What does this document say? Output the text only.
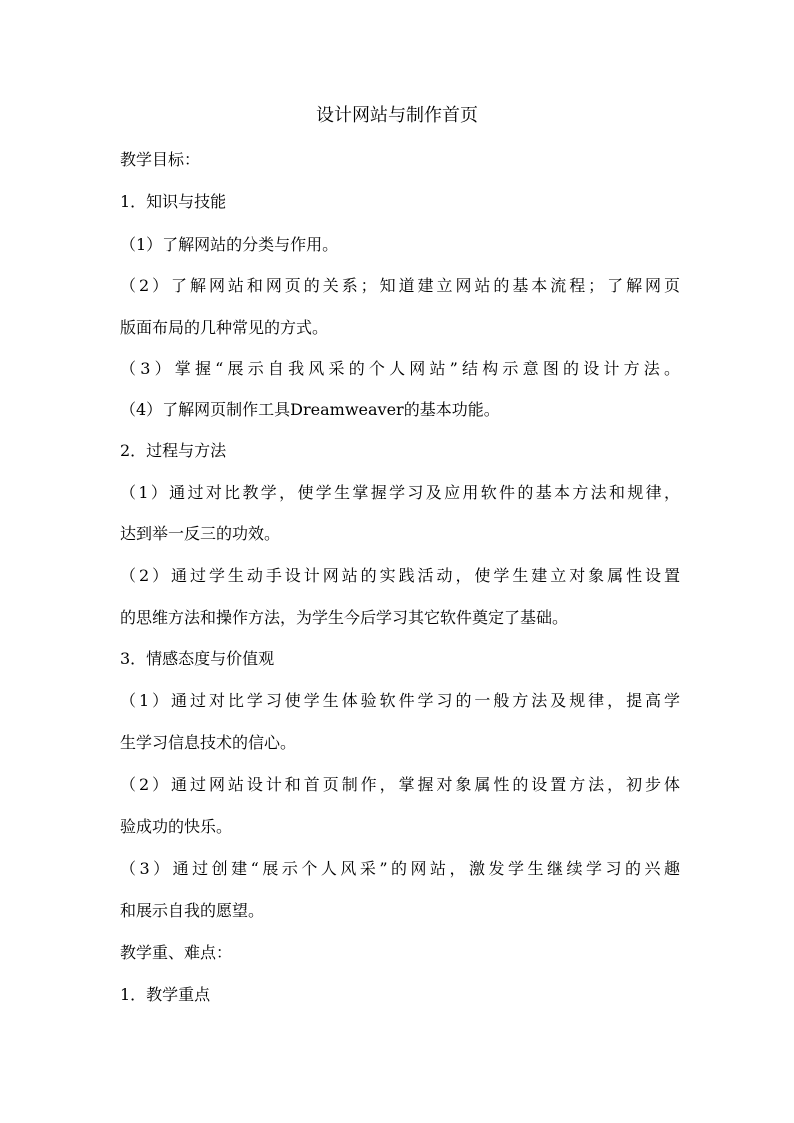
设计网站与制作首页
教学目标：
1．知识与技能
（1）了解网站的分类与作用。
（2）了解网站和网页的关系；知道建立网站的基本流程；了解网页
版面布局的几种常见的方式。
（3）掌握“展示自我风采的个人网站”结构示意图的设计方法。
（4）了解网页制作工具Dreamweaver的基本功能。
2．过程与方法
（1）通过对比教学，使学生掌握学习及应用软件的基本方法和规律，
达到举一反三的功效。
（2）通过学生动手设计网站的实践活动，使学生建立对象属性设置
的思维方法和操作方法，为学生今后学习其它软件奠定了基础。
3．情感态度与价值观
（1）通过对比学习使学生体验软件学习的一般方法及规律，提高学
生学习信息技术的信心。
（2）通过网站设计和首页制作，掌握对象属性的设置方法，初步体
验成功的快乐。
（3）通过创建“展示个人风采”的网站，激发学生继续学习的兴趣
和展示自我的愿望。
教学重、难点：
1．教学重点
